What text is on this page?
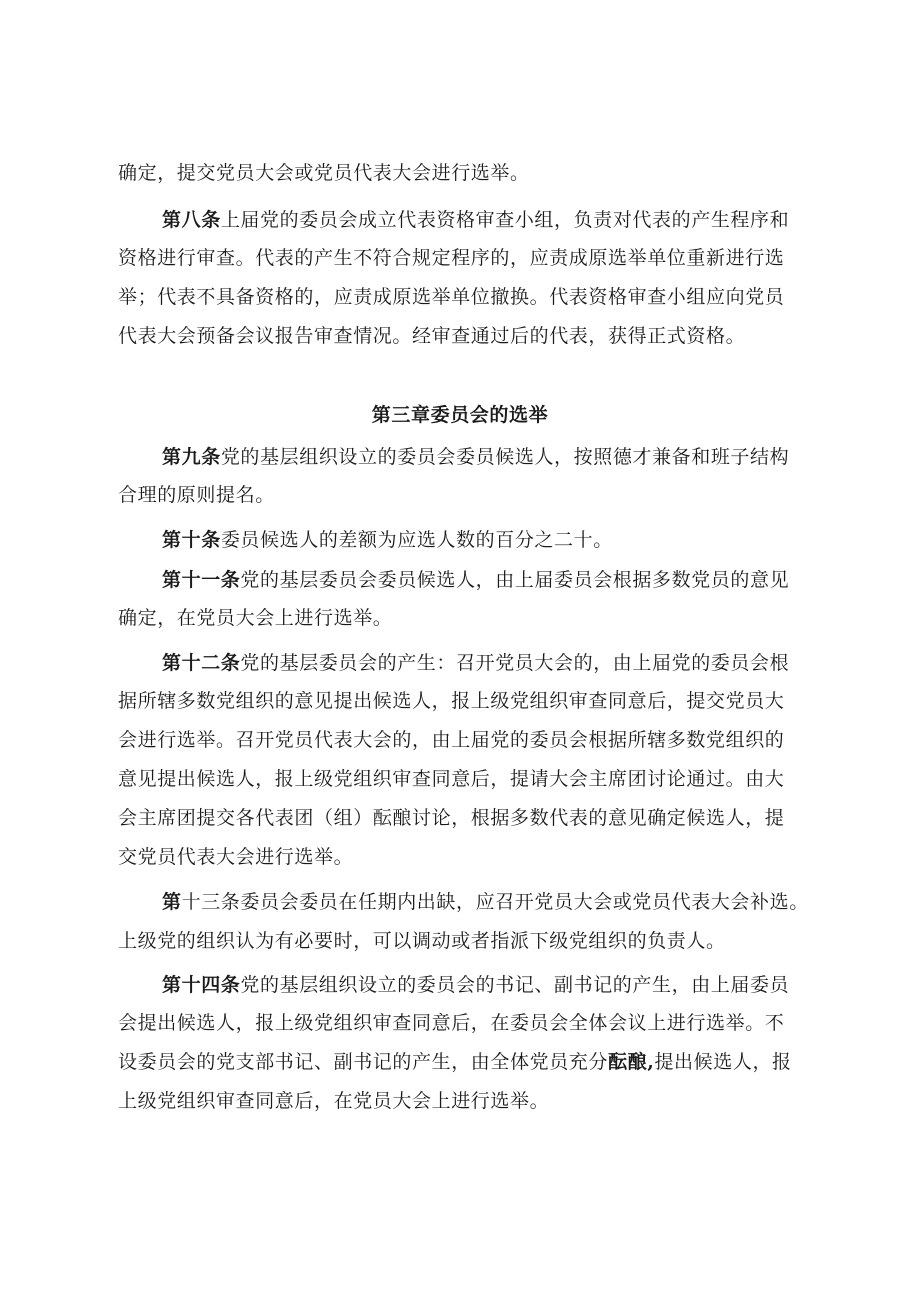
确定，提交党员大会或党员代表大会进行选举。
第八条上届党的委员会成立代表资格审查小组，负责对代表的产生程序和
资格进行审查。代表的产生不符合规定程序的，应责成原选举单位重新进行选
举；代表不具备资格的，应责成原选举单位撤换。代表资格审查小组应向党员
代表大会预备会议报告审查情况。经审查通过后的代表，获得正式资格。
第三章委员会的选举
第九条党的基层组织设立的委员会委员候选人，按照德才兼备和班子结构
合理的原则提名。
第十条委员候选人的差额为应选人数的百分之二十。
第十一条党的基层委员会委员候选人，由上届委员会根据多数党员的意见
确定，在党员大会上进行选举。
第十二条党的基层委员会的产生：召开党员大会的，由上届党的委员会根
据所辖多数党组织的意见提出候选人，报上级党组织审查同意后，提交党员大
会进行选举。召开党员代表大会的，由上届党的委员会根据所辖多数党组织的
意见提出候选人，报上级党组织审查同意后，提请大会主席团讨论通过。由大
会主席团提交各代表团（组）酝酿讨论，根据多数代表的意见确定候选人，提
交党员代表大会进行选举。
第十三条委员会委员在任期内出缺，应召开党员大会或党员代表大会补选。
上级党的组织认为有必要时，可以调动或者指派下级党组织的负责人。
第十四条党的基层组织设立的委员会的书记、副书记的产生，由上届委员
会提出候选人，报上级党组织审查同意后，在委员会全体会议上进行选举。不
设委员会的党支部书记、副书记的产生，由全体党员充分酝酿,提出候选人，报
上级党组织审查同意后，在党员大会上进行选举。
